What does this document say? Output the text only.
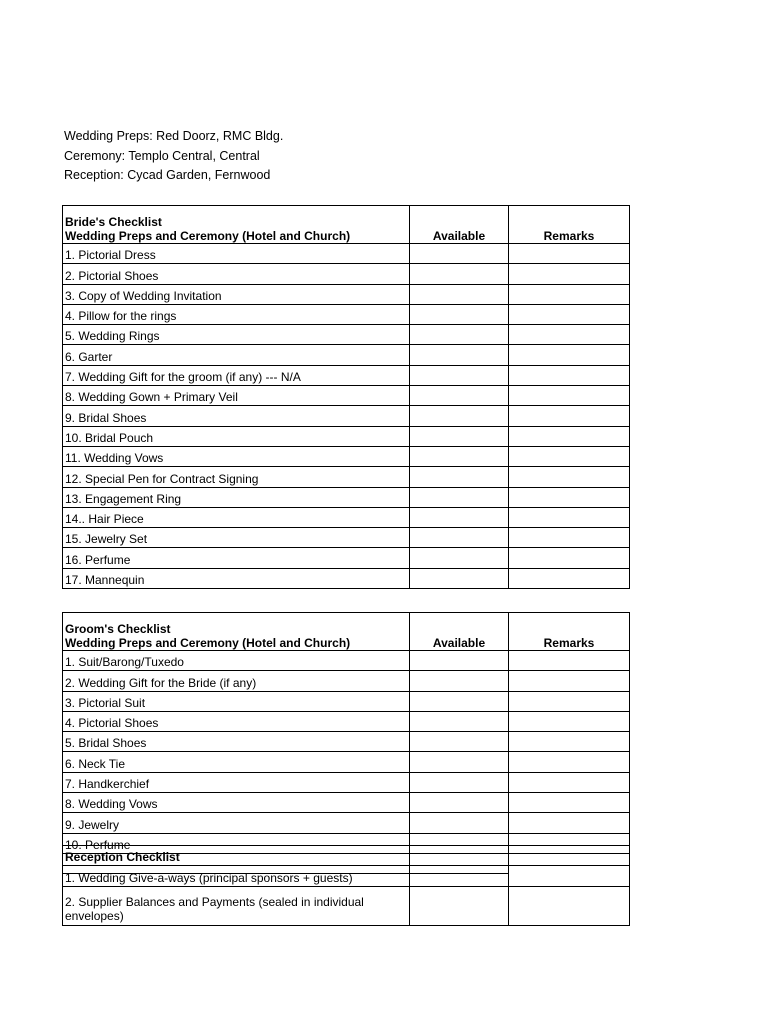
Wedding Preps: Red Doorz, RMC Bldg.
Ceremony: Templo Central, Central
Reception: Cycad Garden, Fernwood
Bride's Checklist
Wedding Preps and Ceremony (Hotel and Church)	Available	Remarks
1. Pictorial Dress		
2. Pictorial Shoes		
3. Copy of Wedding Invitation		
4. Pillow for the rings		
5. Wedding Rings		
6. Garter		
7. Wedding Gift for the groom (if any) --- N/A		
8. Wedding Gown + Primary Veil		
9. Bridal Shoes		
10. Bridal Pouch		
11. Wedding Vows		
12. Special Pen for Contract Signing		
13. Engagement Ring		
14.. Hair Piece		
15. Jewelry Set		
16. Perfume		
17. Mannequin		
Groom's Checklist
Wedding Preps and Ceremony (Hotel and Church)	Available	Remarks
1. Suit/Barong/Tuxedo		
2. Wedding Gift for the Bride (if any)		
3. Pictorial Suit		
4. Pictorial Shoes		
5. Bridal Shoes		
6. Neck Tie		
7. Handkerchief		
8. Wedding Vows		
9. Jewelry		
10. Perfume		

Reception Checklist		
1. Wedding Give-a-ways (principal sponsors + guests)		
2. Supplier Balances and Payments (sealed in individual envelopes)		
